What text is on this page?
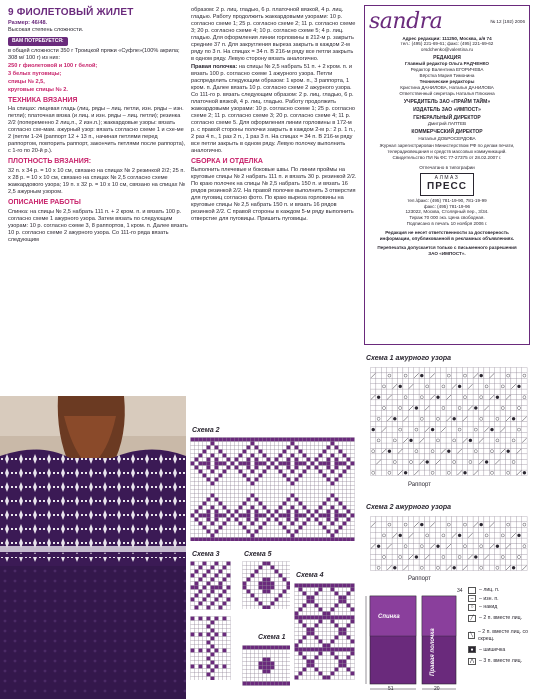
9 ФИОЛЕТОВЫЙ ЖИЛЕТ
Размер: 46/48.
Высокая степень сложности.
ВАМ ПОТРЕБУЕТСЯ:
в общей сложности 350 г Троицкой пряжи «Суфле»(100% акрила; 308 м/ 100 г) из них:
250 г фиолетовой и 100 г белой;
3 белых пуговицы;
спицы № 2,5,
круговые спицы № 2.
ТЕХНИКА ВЯЗАНИЯ
На спицах: лицевая гладь (лиц. ряды – лиц. петли, изн. ряды – изн. петли); платочная вязка (и лиц. и изн. ряды – лиц. петли); резинка 2/2 (попеременно 2 лиц.п., 2 изн.п.); жаккардовые узоры: вязать согласно схе-мам. ажурный узор: вязать согласно схеме 1 и схе-ме 2 (петли 1-24 (раппорт 12 + 13 п., начиная петлями перед раппортом, повторить раппорт, закончить петлями после раппорта), с 1-го по 20-й р.).
ПЛОТНОСТЬ ВЯЗАНИЯ:
32 п. х 34 р. = 10 х 10 см, связано на спицах № 2 резинкой 2/2; 25 п. х 28 р. = 10 х 10 см, связано на спицах № 2,5 согласно схеме жаккардового узора; 19 п. х 32 р. = 10 х 10 см, связано на спицах № 2,5 ажурным узором.
ОПИСАНИЕ РАБОТЫ
Спинка: на спицы № 2,5 набрать 111 п. + 2 кром. п. и вязать 100 р. согласно схеме 1 ажурного узора. Затем вязать по следующим узорам: 10 р. согласно схеме 3, 8 раппортов, 1 кром. п. Далее вязать 10 р. согласно схеме 2 ажурного узора. Со 111-го ряда вязать следующим
образом: 2 р. лиц. гладью, 6 р. платочной вязкой, 4 р. лиц. гладью. Работу продолжить жаккардовыми узорами: 10 р. согласно схеме 1; 25 р. согласно схеме 2; 11 р. согласно схеме 3; 20 р. согласно схеме 4; 10 р. согласно схеме 5; 4 р. лиц. гладью. Для оформления линии горловины в 212-м р. закрыть средние 37 п. Для закругления выреза закрыть в каждом 2-м ряду по 3 п. На спицах = 34 п. В 216-м ряду все петли закрыть в одном ряду. Левую сторону вязать аналогично.
Правая полочка: на спицы № 2,5 набрать 51 п. + 2 кром. п. и вязать 100 р. согласно схеме 1 ажурного узора. Петли распределить следующим образом: 1 кром. п., 3 раппорта, 1 кром. п. Далее вязать 10 р. согласно схеме 2 ажурного узора. Со 111-го р. вязать следующим образом: 2 р. лиц. гладью, 6 р. платочной вязкой, 4 р. лиц. гладью. Работу продолжить жаккардовыми узорами: 10 р. согласно схеме 1; 25 р. согласно схеме 2; 11 р. согласно схеме 3; 20 р. согласно схеме 4; 11 р. согласно схеме 5. Для оформления линии горловины в 172-м р. с правой стороны полочки закрыть в каждом 2-м р.: 2 р. 1 п., 2 раз 4 п., 1 раз 2 п., 1 раз 3 п. На спицах = 34 п. В 216-м ряду все петли закрыть в одном ряду. Левую полочку выполнить аналогично.
СБОРКА И ОТДЕЛКА
Выполнить плечевые и боковые швы. По линии проймы на круговые спицы № 2 набрать 111 п. и вязать 30 р. резинкой 2/2. По краю полочек на спицы № 2,5 набрать 150 п. и вязать 16 рядов резинкой 2/2. На правой полочке выполнить 3 отверстия для пуговиц согласно фото. По краю выреза горловины на круговые спицы № 2,5 набрать 150 п. и вязать 16 рядов резинкой 2/2. С правой стороны в каждом 5-м ряду выполнить отверстие для пуговицы. Пришить пуговицы.
sandra	№ 12 (192) 2006
Адрес редакции: 111250, Москва, а/я 74
тел.: (495) 221-69-61; факс: (495) 221-69-62
orsdchenko@valentina.ru
РЕДАКЦИЯ
Главный редактор Ольга РАДЧЕНКО
Редактор Валентина ЕГОРИЧЕВА
Вёрстка Мария Тимонина
Технические редакторы
Кристина ДАНИЛОВА, Наталья ДАНИЛОВА
Ответственный секретарь Наталья Плюхина
УЧРЕДИТЕЛЬ ЗАО «ПРАЙМ ТАЙМ»
ИЗДАТЕЛЬ ЗАО «ИМПОСТ»
ГЕНЕРАЛЬНЫЙ ДИРЕКТОР
Дмитрий ЛАПТЕВ
КОММЕРЧЕСКИЙ ДИРЕКТОР
Наталья ДОБРОСЕРДОВА
Журнал зарегистрирован Министерством РФ по делам печати, телерадиовещания и средств массовых коммуникаций. Свидетельство ПИ № ФС 77-27375 от 28.02.2007 г.
Отпечатано в типографии
АЛМАЗ
ПРЕСС
тел./факс: (495) 781-19-90, 781-19-99
факс: (495) 781-19-96
123022, Москва, Столярный пер., 3/34.
Тираж 70 000 экз. Цена свободная.
Подписано в печать 10 ноября 2006 г.
Редакция не несет ответственности за достоверность информации, опубликованной в рекламных объявлениях.
Перепечатка допускается только с письменного разрешения ЗАО «ИМПОСТ».
Схема 1 ажурного узора
Раппорт
Схема 2 ажурного узора
Раппорт
Схема 2
Схема 3	Схема 5
Схема 4
Схема 1
Спинка
Правая полочка
51	20
34	– лиц. п.
–	– изн. п.
○	– накид
╱	– 2 п. вместе лиц.
╲
– 2 п. вместе лиц. со скрещ.
●	– шишечка
⋀ – 3 п. вместе лиц.
